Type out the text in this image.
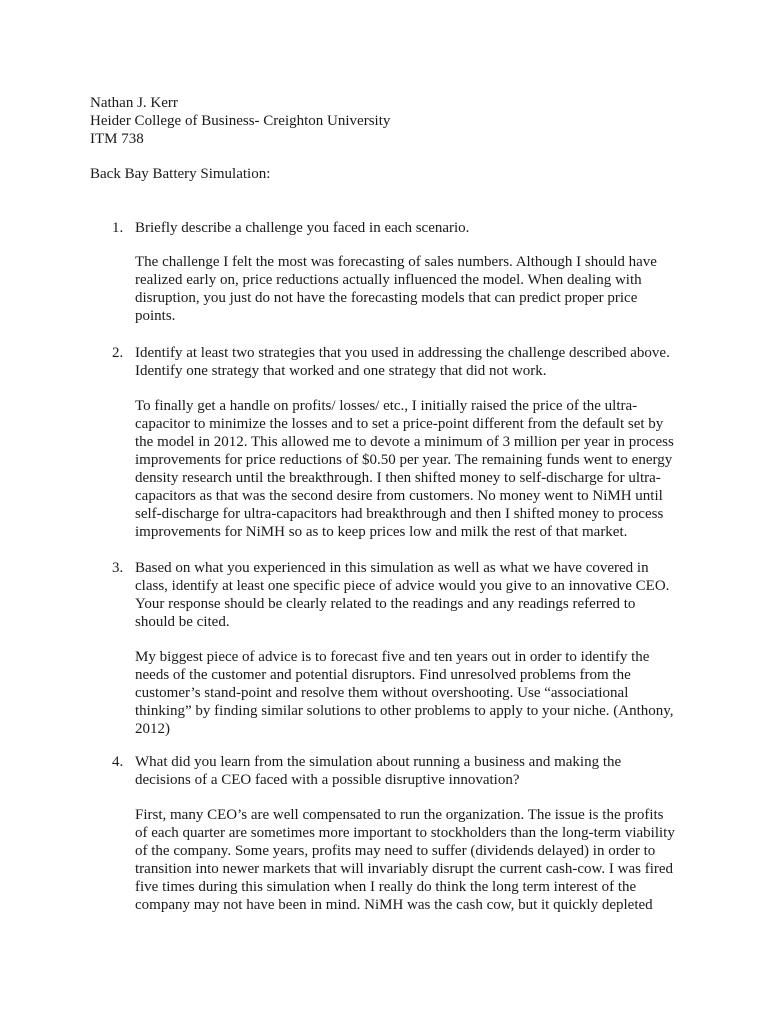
Nathan J. Kerr
Heider College of Business- Creighton University
ITM 738
Back Bay Battery Simulation:
1. Briefly describe a challenge you faced in each scenario.
The challenge I felt the most was forecasting of sales numbers. Although I should have
realized early on, price reductions actually influenced the model. When dealing with
disruption, you just do not have the forecasting models that can predict proper price
points.
2. Identify at least two strategies that you used in addressing the challenge described above.
Identify one strategy that worked and one strategy that did not work.
To finally get a handle on profits/ losses/ etc., I initially raised the price of the ultra-
capacitor to minimize the losses and to set a price-point different from the default set by
the model in 2012. This allowed me to devote a minimum of 3 million per year in process
improvements for price reductions of $0.50 per year. The remaining funds went to energy
density research until the breakthrough. I then shifted money to self-discharge for ultra-
capacitors as that was the second desire from customers. No money went to NiMH until
self-discharge for ultra-capacitors had breakthrough and then I shifted money to process
improvements for NiMH so as to keep prices low and milk the rest of that market.
3. Based on what you experienced in this simulation as well as what we have covered in
class, identify at least one specific piece of advice would you give to an innovative CEO.
Your response should be clearly related to the readings and any readings referred to
should be cited.
My biggest piece of advice is to forecast five and ten years out in order to identify the
needs of the customer and potential disruptors. Find unresolved problems from the
customer’s stand-point and resolve them without overshooting. Use “associational
thinking” by finding similar solutions to other problems to apply to your niche. (Anthony,
2012)
4. What did you learn from the simulation about running a business and making the
decisions of a CEO faced with a possible disruptive innovation?
First, many CEO’s are well compensated to run the organization. The issue is the profits
of each quarter are sometimes more important to stockholders than the long-term viability
of the company. Some years, profits may need to suffer (dividends delayed) in order to
transition into newer markets that will invariably disrupt the current cash-cow. I was fired
five times during this simulation when I really do think the long term interest of the
company may not have been in mind. NiMH was the cash cow, but it quickly depleted
